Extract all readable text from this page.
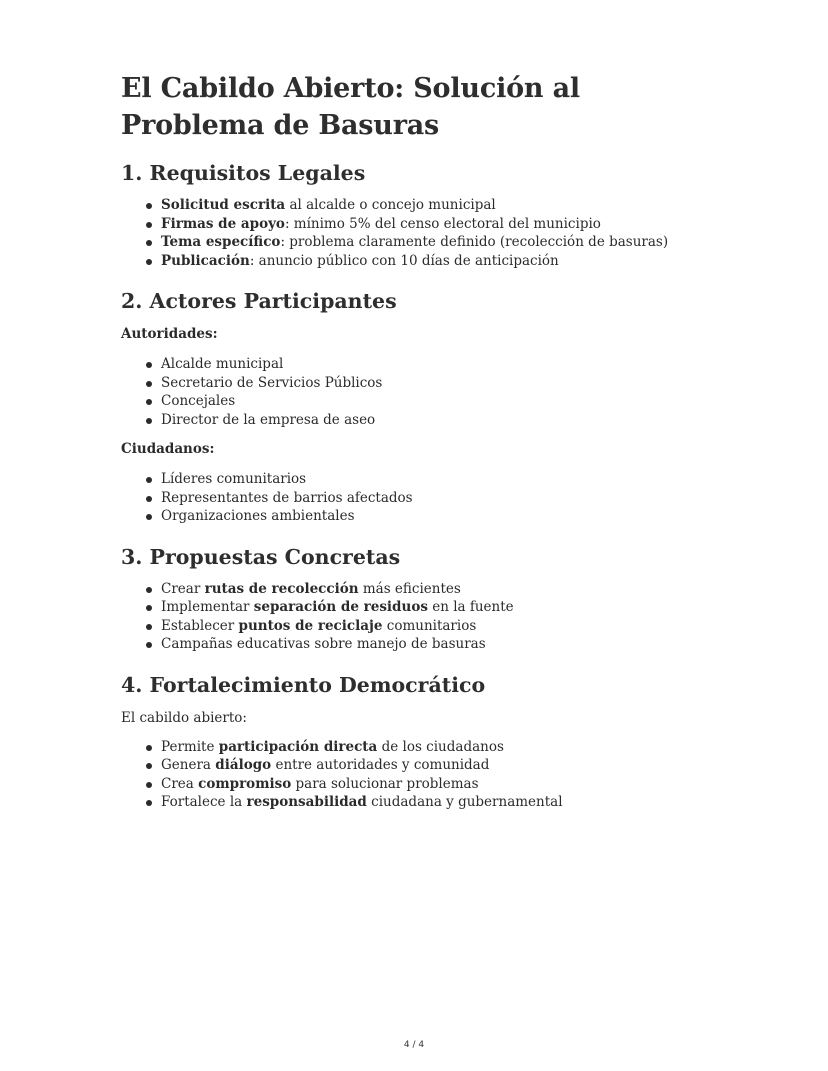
El Cabildo Abierto: Solución al Problema de Basuras
1. Requisitos Legales
Solicitud escrita al alcalde o concejo municipal
Firmas de apoyo: mínimo 5% del censo electoral del municipio
Tema específico: problema claramente definido (recolección de basuras)
Publicación: anuncio público con 10 días de anticipación
2. Actores Participantes
Autoridades:
Alcalde municipal
Secretario de Servicios Públicos
Concejales
Director de la empresa de aseo
Ciudadanos:
Líderes comunitarios
Representantes de barrios afectados
Organizaciones ambientales
3. Propuestas Concretas
Crear rutas de recolección más eficientes
Implementar separación de residuos en la fuente
Establecer puntos de reciclaje comunitarios
Campañas educativas sobre manejo de basuras
4. Fortalecimiento Democrático

El cabildo abierto:

Permite participación directa de los ciudadanos
Genera diálogo entre autoridades y comunidad
Crea compromiso para solucionar problemas
Fortalece la responsabilidad ciudadana y gubernamental
4 / 4
